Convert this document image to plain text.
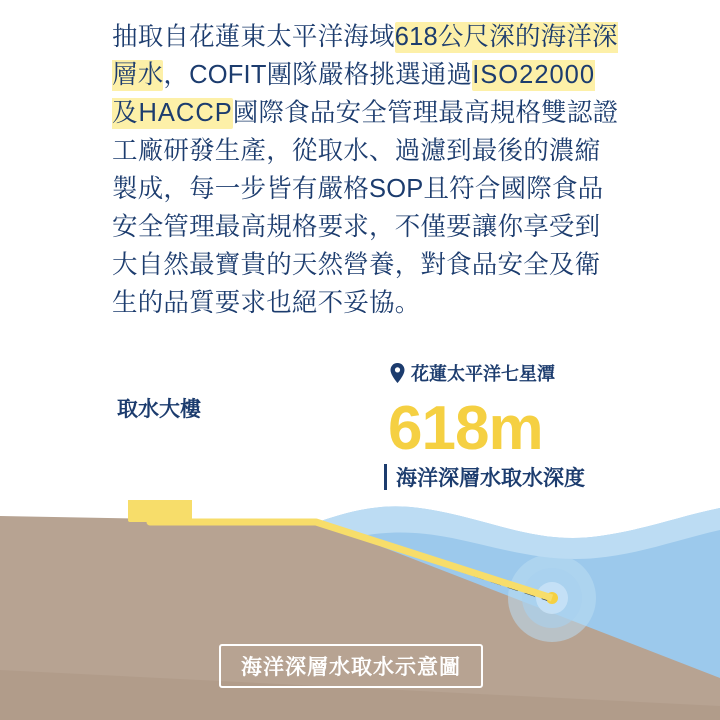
抽取自花蓮東太平洋海域618公尺深的海洋深層水，COFIT團隊嚴格挑選通過ISO22000及HACCP國際食品安全管理最高規格雙認證工廠研發生產，從取水、過濾到最後的濃縮製成，每一步皆有嚴格SOP且符合國際食品安全管理最高規格要求，不僅要讓你享受到大自然最寶貴的天然營養，對食品安全及衛生的品質要求也絕不妥協。
花蓮太平洋七星潭
618m
海洋深層水取水深度
取水大樓
海洋深層水取水示意圖
